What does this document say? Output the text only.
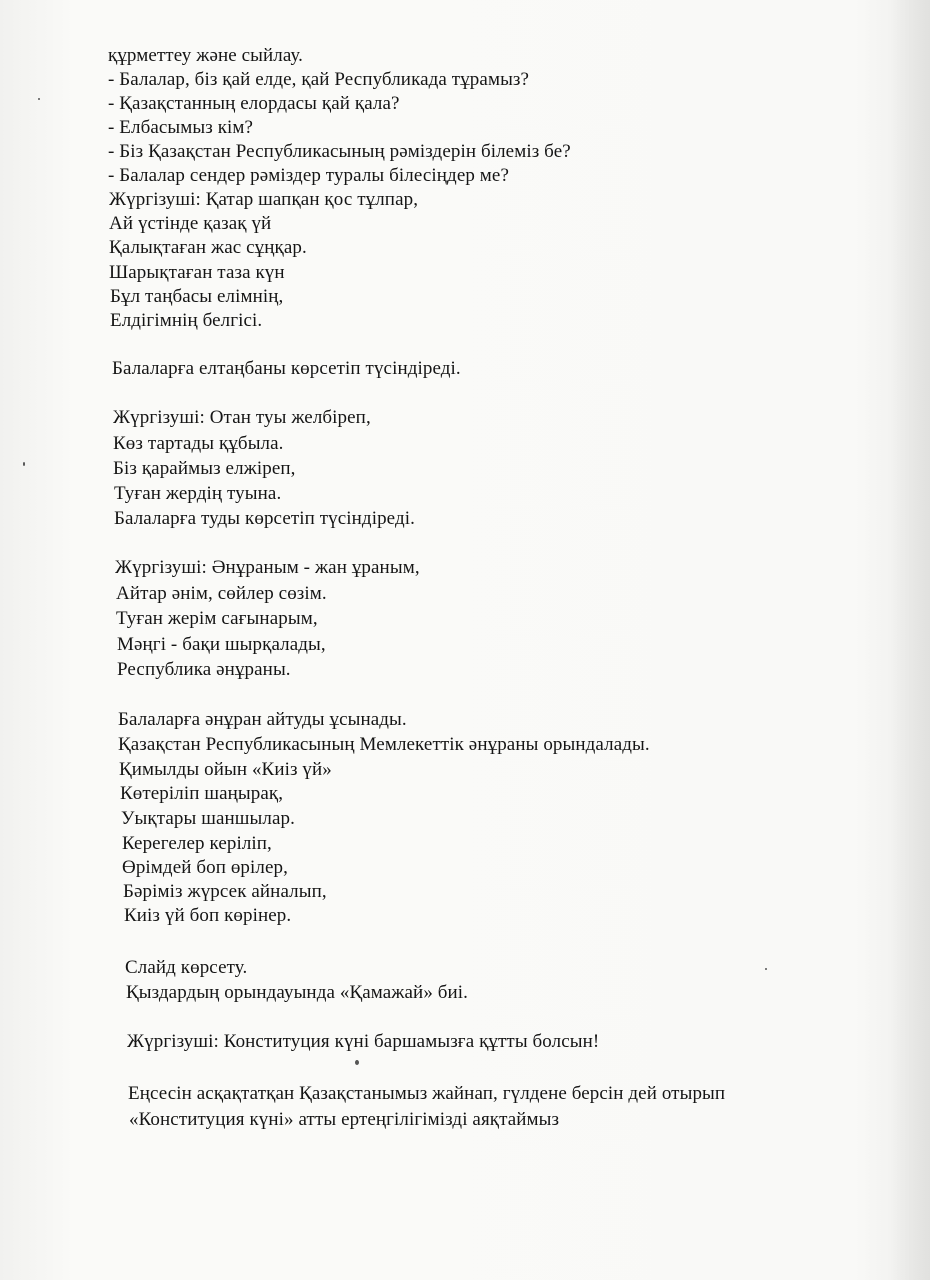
құрметтеу және сыйлау.
- Балалар, біз қай елде, қай Республикада тұрамыз?
- Қазақстанның елордасы қай қала?
- Елбасымыз кім?
- Біз Қазақстан Республикасының рәміздерін білеміз бе?
- Балалар сендер рәміздер туралы білесіңдер ме?
Жүргізуші: Қатар шапқан қос тұлпар,
Ай үстінде қазақ үй
Қалықтаған жас сұңқар.
Шарықтаған таза күн
Бұл таңбасы елімнің,
Елдігімнің белгісі.
Балаларға елтаңбаны көрсетіп түсіндіреді.
Жүргізуші: Отан туы желбіреп,
Көз тартады құбыла.
Біз қараймыз елжіреп,
Туған жердің туына.
Балаларға туды көрсетіп түсіндіреді.
Жүргізуші: Әнұраным - жан ұраным,
Айтар әнім, сөйлер сөзім.
Туған жерім сағынарым,
Мәңгі - бақи шырқалады,
Республика әнұраны.
Балаларға әнұран айтуды ұсынады.
Қазақстан Республикасының Мемлекеттік әнұраны орындалады.
Қимылды ойын «Киіз үй»
Көтеріліп шаңырақ,
Уықтары шаншылар.
Керегелер керіліп,
Өрімдей боп өрілер,
Бәріміз жүрсек айналып,
Киіз үй боп көрінер.
Слайд көрсету.
Қыздардың орындауында «Қамажай» биі.
Жүргізуші: Конституция күні баршамызға құтты болсын!
Еңсесін асқақтатқан Қазақстанымыз жайнап, гүлдене берсін дей отырып
«Конституция күні» атты ертеңгілігімізді аяқтаймыз
